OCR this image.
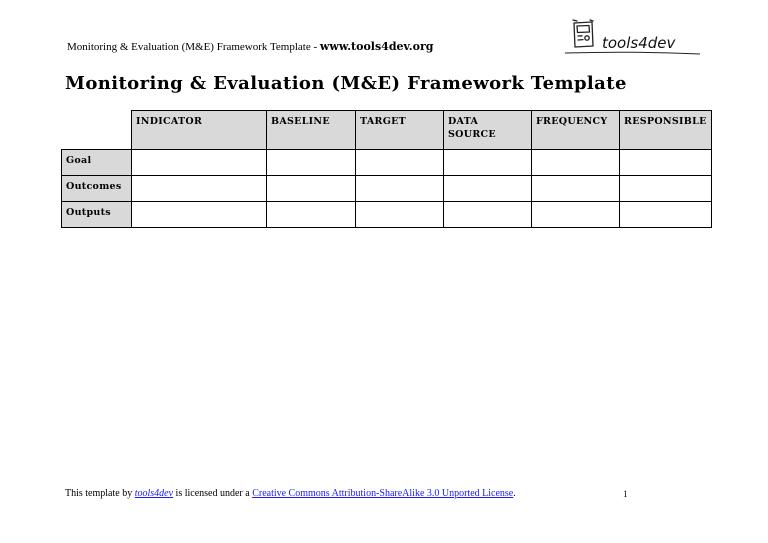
Monitoring & Evaluation (M&E) Framework Template - www.tools4dev.org	tools4dev
Monitoring & Evaluation (M&E) Framework Template
	INDICATOR	BASELINE	TARGET	DATA SOURCE	FREQUENCY	RESPONSIBLE
Goal						
Outcomes						
Outputs						
This template by tools4dev is licensed under a Creative Commons Attribution-ShareAlike 3.0 Unported License.	1
